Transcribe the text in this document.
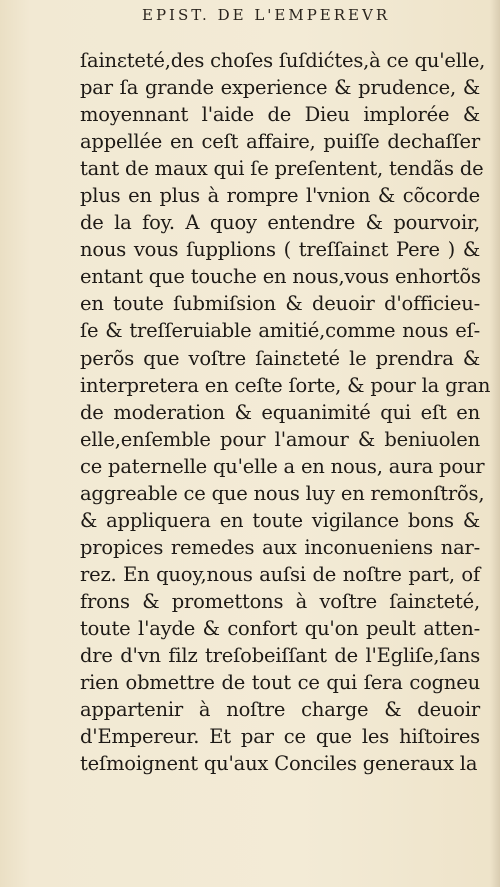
EPIST. DE L'EMPEREVR
ſainɛteté,des choſes ſuſdićtes,à ce qu'elle,
par ſa grande experience & prudence, &
moyennant l'aide de Dieu implorée &
appellée en ceſt affaire, puiſſe dechaſſer
tant de maux qui ſe preſentent, tendãs de
plus en plus à rompre l'vnion & cõcorde
de la foy. A quoy entendre & pourvoir,
nous vous ſupplions ( treſſainɛt Pere ) &
entant que touche en nous,vous enhortõs
en toute ſubmiſsion & deuoir d'officieu-
ſe & treſſeruiable amitié,comme nous eſ-
perõs que voſtre ſainɛteté le prendra &
interpretera en ceſte ſorte, & pour la gran
de moderation & equanimité qui eſt en
elle,enſemble pour l'amour & beniuolen
ce paternelle qu'elle a en nous, aura pour
aggreable ce que nous luy en remonſtrõs,
& appliquera en toute vigilance bons &
propices remedes aux inconueniens nar-
rez. En quoy,nous auſsi de noſtre part, of
frons & promettons à voſtre ſainɛteté,
toute l'ayde & confort qu'on peult atten-
dre d'vn filz treſobeiſſant de l'Egliſe,ſans
rien obmettre de tout ce qui ſera cogneu
appartenir à noſtre charge & deuoir
d'Empereur. Et par ce que les hiſtoires
teſmoignent qu'aux Conciles generaux la
